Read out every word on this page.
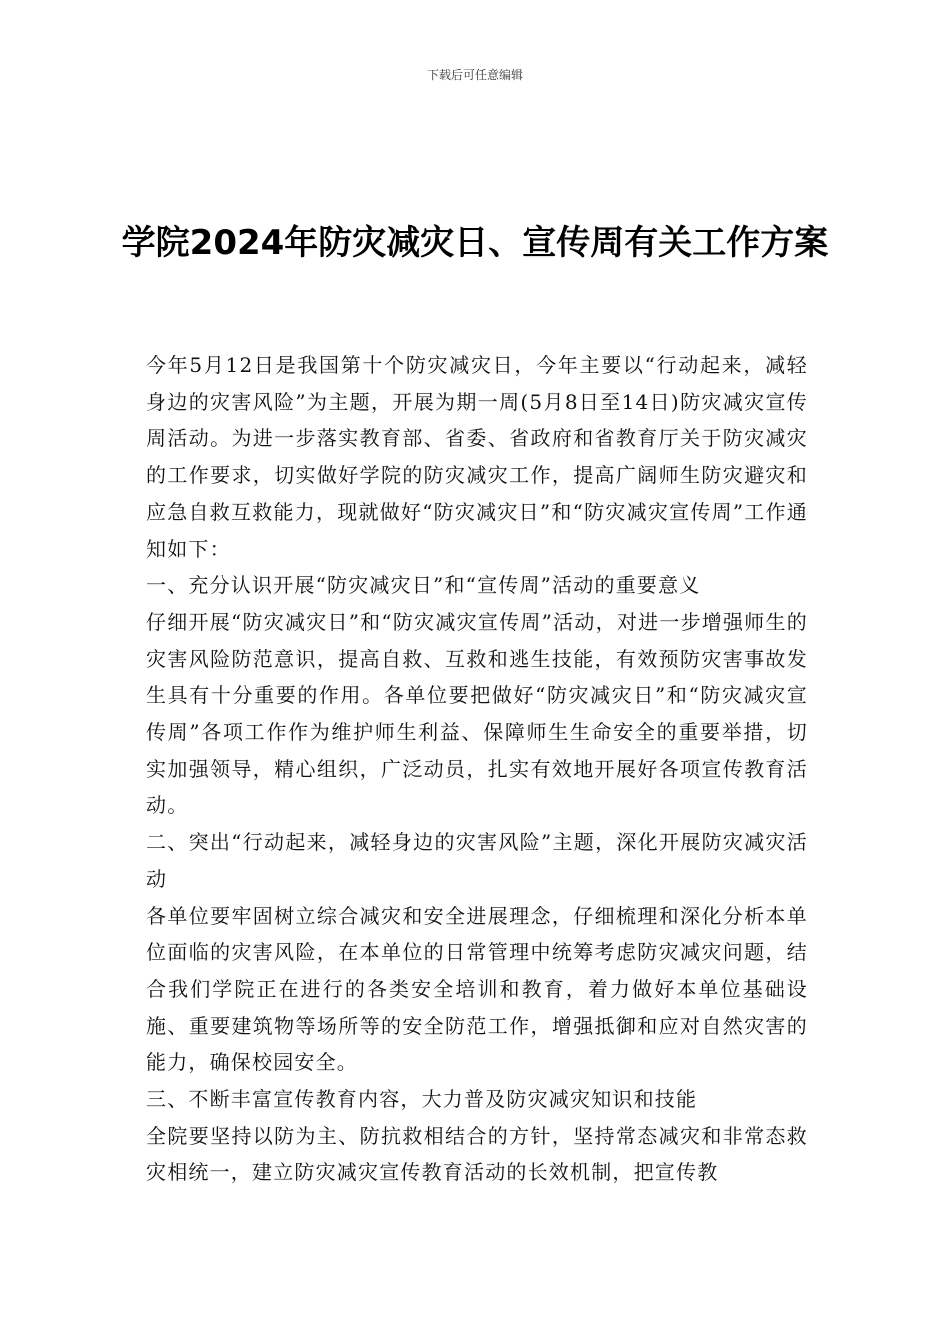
下载后可任意编辑
学院2024年防灾减灾日、宣传周有关工作方案

今年5月12日是我国第十个防灾减灾日，今年主要以“行动起来，减轻身边的灾害风险”为主题，开展为期一周(5月8日至14日)防灾减灾宣传周活动。为进一步落实教育部、省委、省政府和省教育厅关于防灾减灾的工作要求，切实做好学院的防灾减灾工作，提高广阔师生防灾避灾和应急自救互救能力，现就做好“防灾减灾日”和“防灾减灾宣传周”工作通知如下：

一、充分认识开展“防灾减灾日”和“宣传周”活动的重要意义

仔细开展“防灾减灾日”和“防灾减灾宣传周”活动，对进一步增强师生的灾害风险防范意识，提高自救、互救和逃生技能，有效预防灾害事故发生具有十分重要的作用。各单位要把做好“防灾减灾日”和“防灾减灾宣传周”各项工作作为维护师生利益、保障师生生命安全的重要举措，切实加强领导，精心组织，广泛动员，扎实有效地开展好各项宣传教育活动。

二、突出“行动起来，减轻身边的灾害风险”主题，深化开展防灾减灾活动

各单位要牢固树立综合减灾和安全进展理念，仔细梳理和深化分析本单位面临的灾害风险，在本单位的日常管理中统筹考虑防灾减灾问题，结合我们学院正在进行的各类安全培训和教育，着力做好本单位基础设施、重要建筑物等场所等的安全防范工作，增强抵御和应对自然灾害的能力，确保校园安全。

三、不断丰富宣传教育内容，大力普及防灾减灾知识和技能

全院要坚持以防为主、防抗救相结合的方针，坚持常态减灾和非常态救灾相统一，建立防灾减灾宣传教育活动的长效机制，把宣传教
